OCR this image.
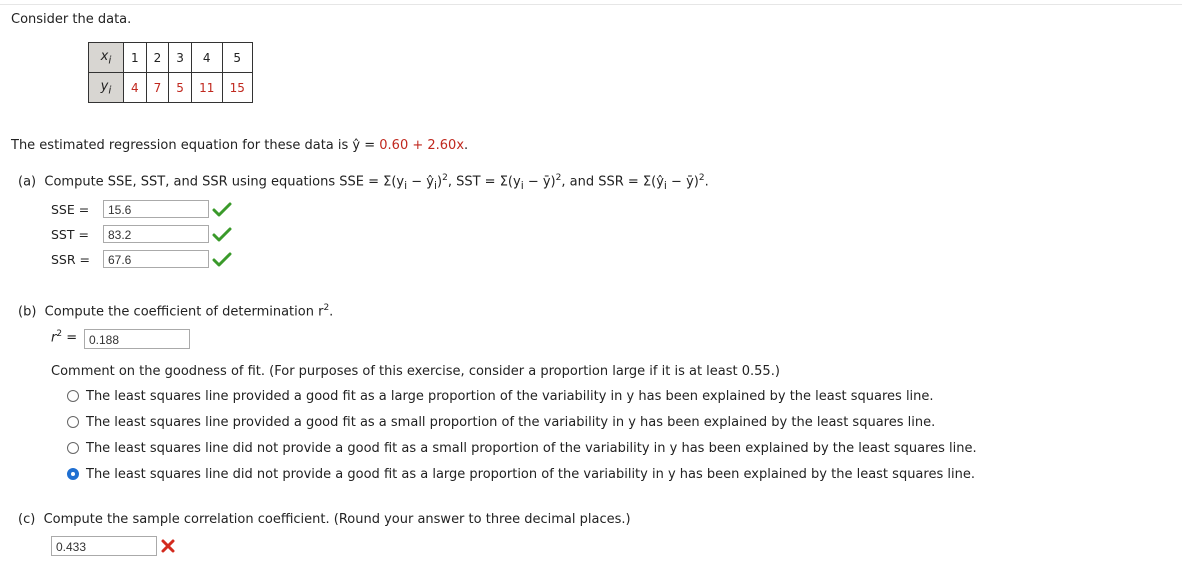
Consider the data.
$x_i$	1	2	3	4	5
$y_i$	4	7	5	11	15
The estimated regression equation for these data is ŷ = 0.60 + 2.60x.
(a) Compute SSE, SST, and SSR using equations SSE = $\Sigma(y_i$ − $ŷ_i)^2$, SST = $\Sigma(y_i$ − ȳ)$^2$, and SSR = $\Sigma(ŷ_i$ − ȳ)$^2$.
SSE =	15.6
SST =	83.2
SSR =	67.6
(b) Compute the coefficient of determination $r^2$.
$r^2 = 0.188$
Comment on the goodness of fit. (For purposes of this exercise, consider a proportion large if it is at least 0.55.)
The least squares line provided a good fit as a large proportion of the variability in y has been explained by the least squares line.
The least squares line provided a good fit as a small proportion of the variability in y has been explained by the least squares line.
The least squares line did not provide a good fit as a small proportion of the variability in y has been explained by the least squares line.
The least squares line did not provide a good fit as a large proportion of the variability in y has been explained by the least squares line.
(c) Compute the sample correlation coefficient. (Round your answer to three decimal places.)
0.433
